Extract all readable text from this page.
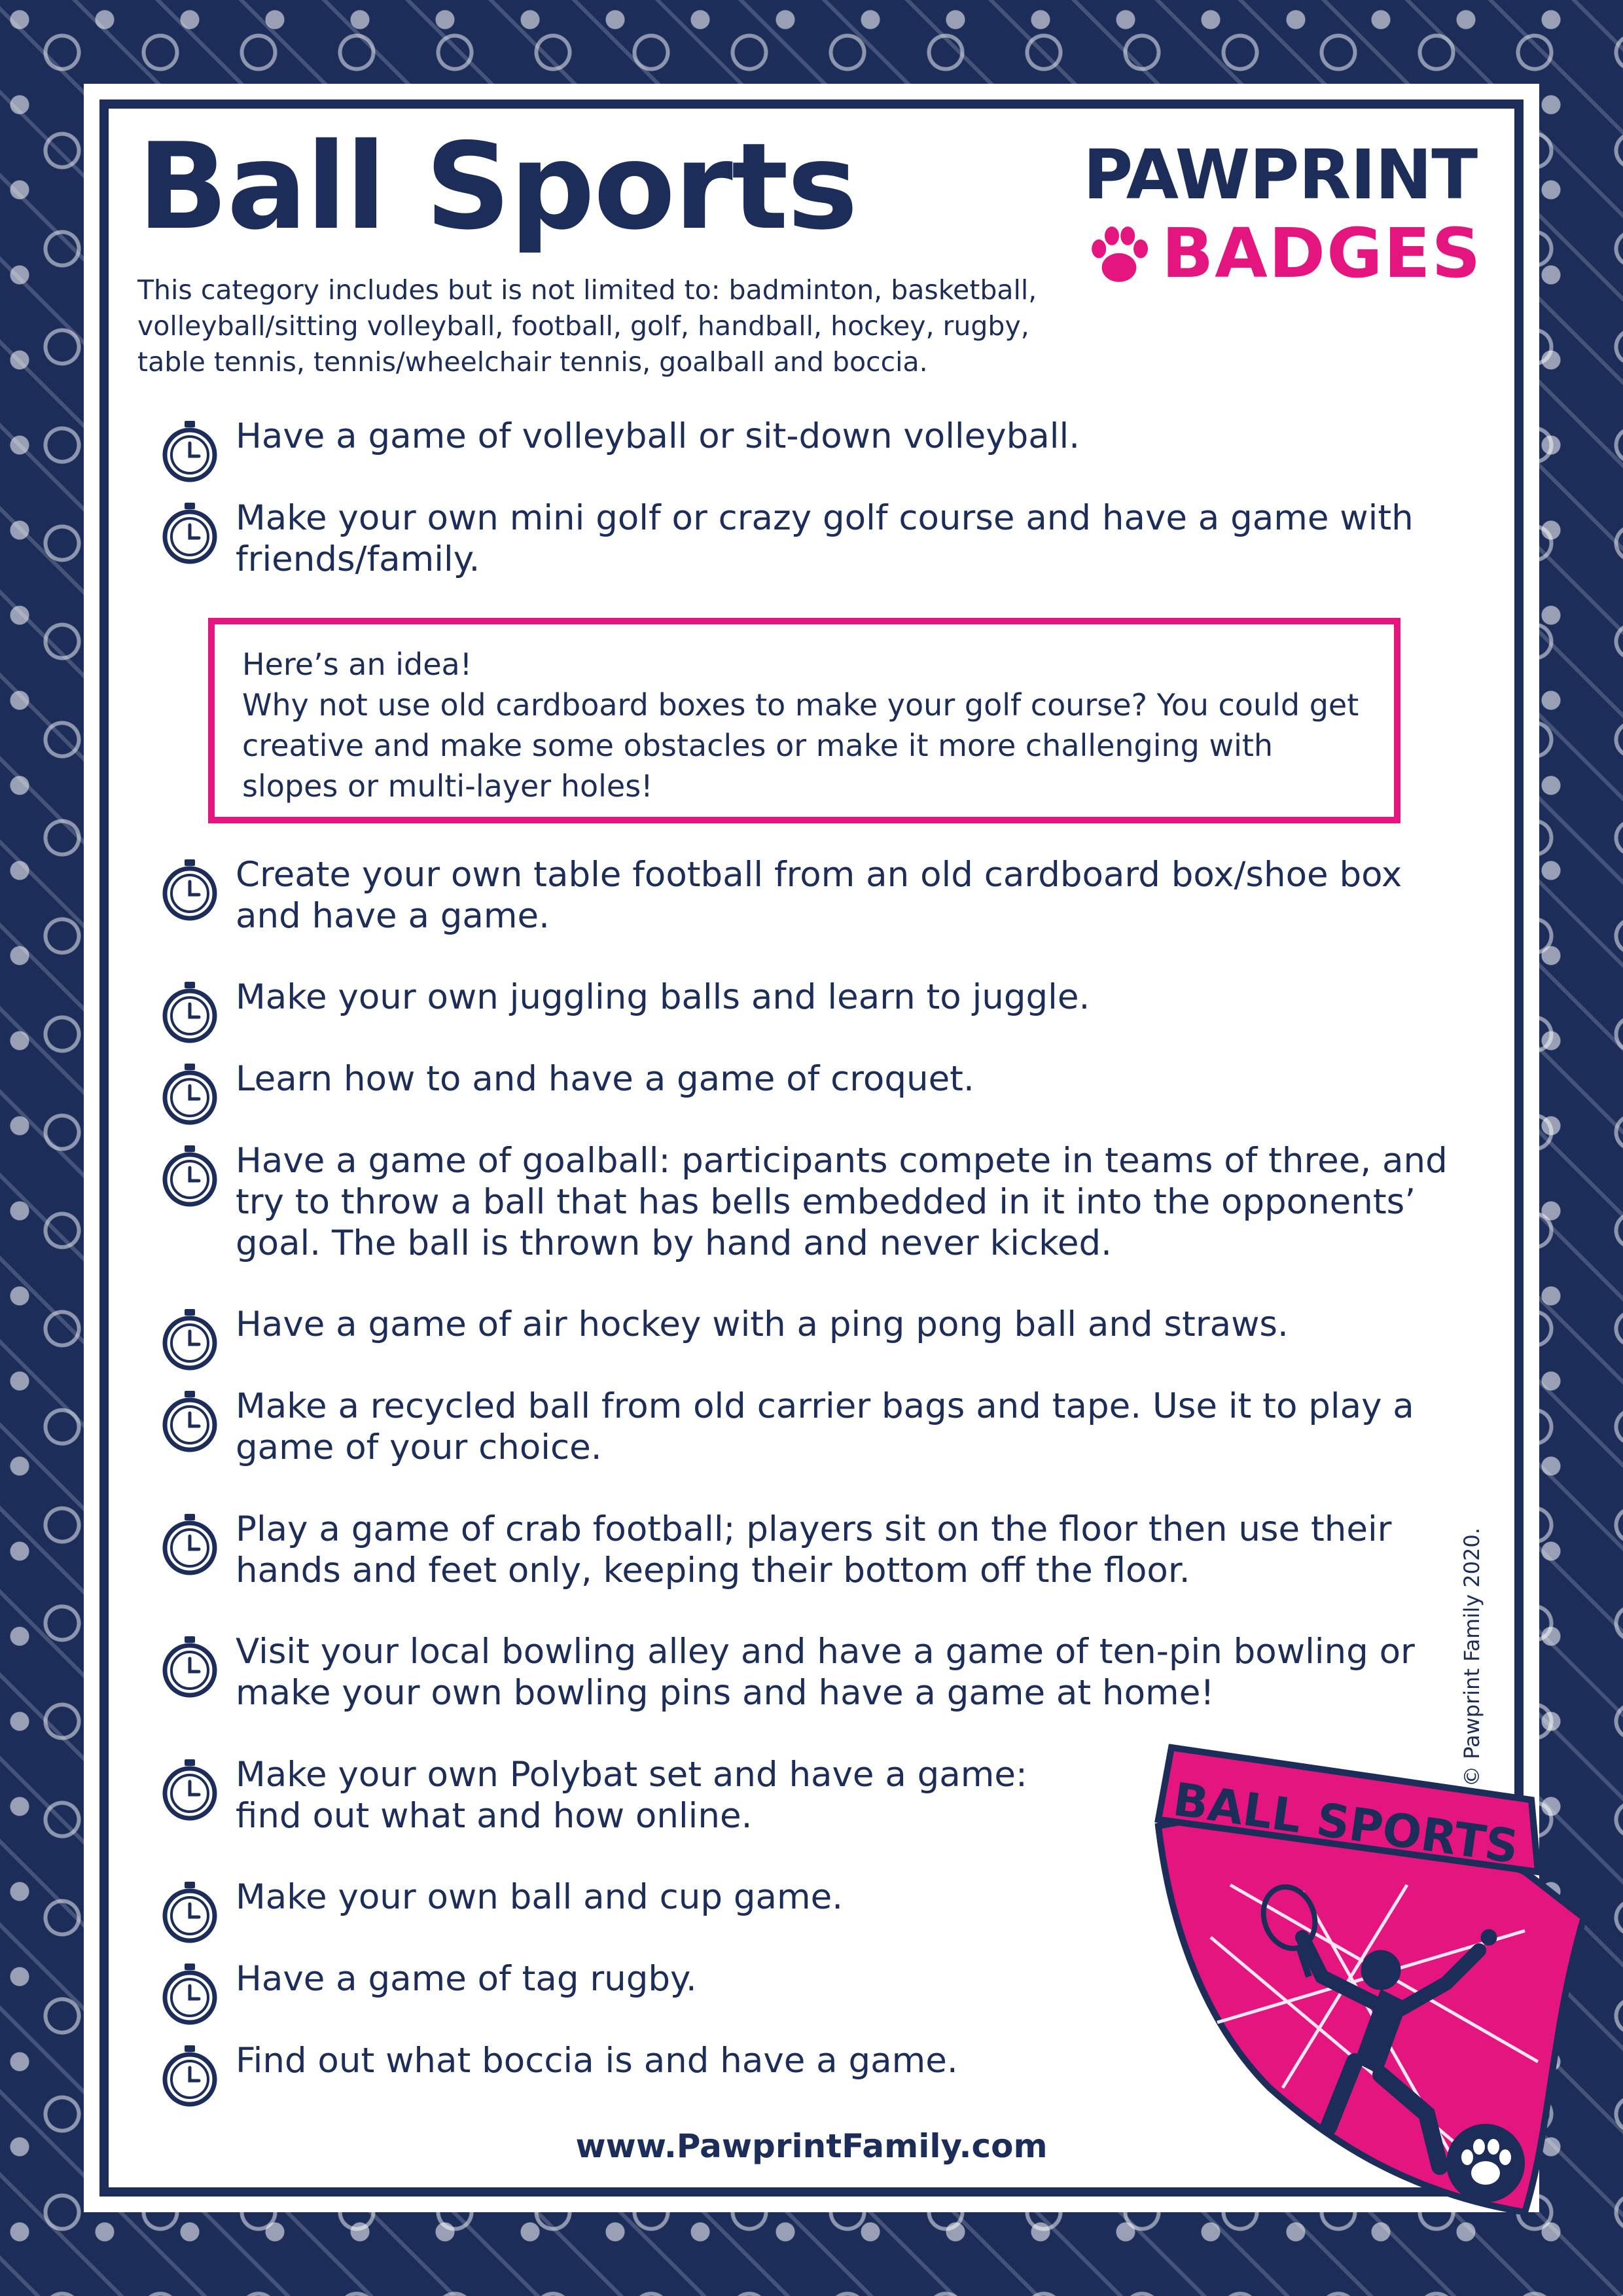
Ball Sports

This category includes but is not limited to: badminton, basketball, volleyball/sitting volleyball, football, golf, handball, hockey, rugby, table tennis, tennis/wheelchair tennis, goalball and boccia.

PAWPRINT
BADGES
Have a game of volleyball or sit-down volleyball.
Make your own mini golf or crazy golf course and have a game with friends/family.
Create your own table football from an old cardboard box/shoe box and have a game.
Make your own juggling balls and learn to juggle.
Learn how to and have a game of croquet.
Have a game of goalball: participants compete in teams of three, and try to throw a ball that has bells embedded in it into the opponents’ goal. The ball is thrown by hand and never kicked.
Have a game of air hockey with a ping pong ball and straws.
Make a recycled ball from old carrier bags and tape. Use it to play a game of your choice.
Play a game of crab football; players sit on the floor then use their hands and feet only, keeping their bottom off the floor.
Visit your local bowling alley and have a game of ten-pin bowling or make your own bowling pins and have a game at home!
Make your own Polybat set and have a game: find out what and how online.
Make your own ball and cup game.
Have a game of tag rugby.
Find out what boccia is and have a game.

Here’s an idea!

Why not use old cardboard boxes to make your golf course? You could get creative and make some obstacles or make it more challenging with slopes or multi-layer holes!

BALL SPORTS
© Pawprint Family 2020.
www.PawprintFamily.com
